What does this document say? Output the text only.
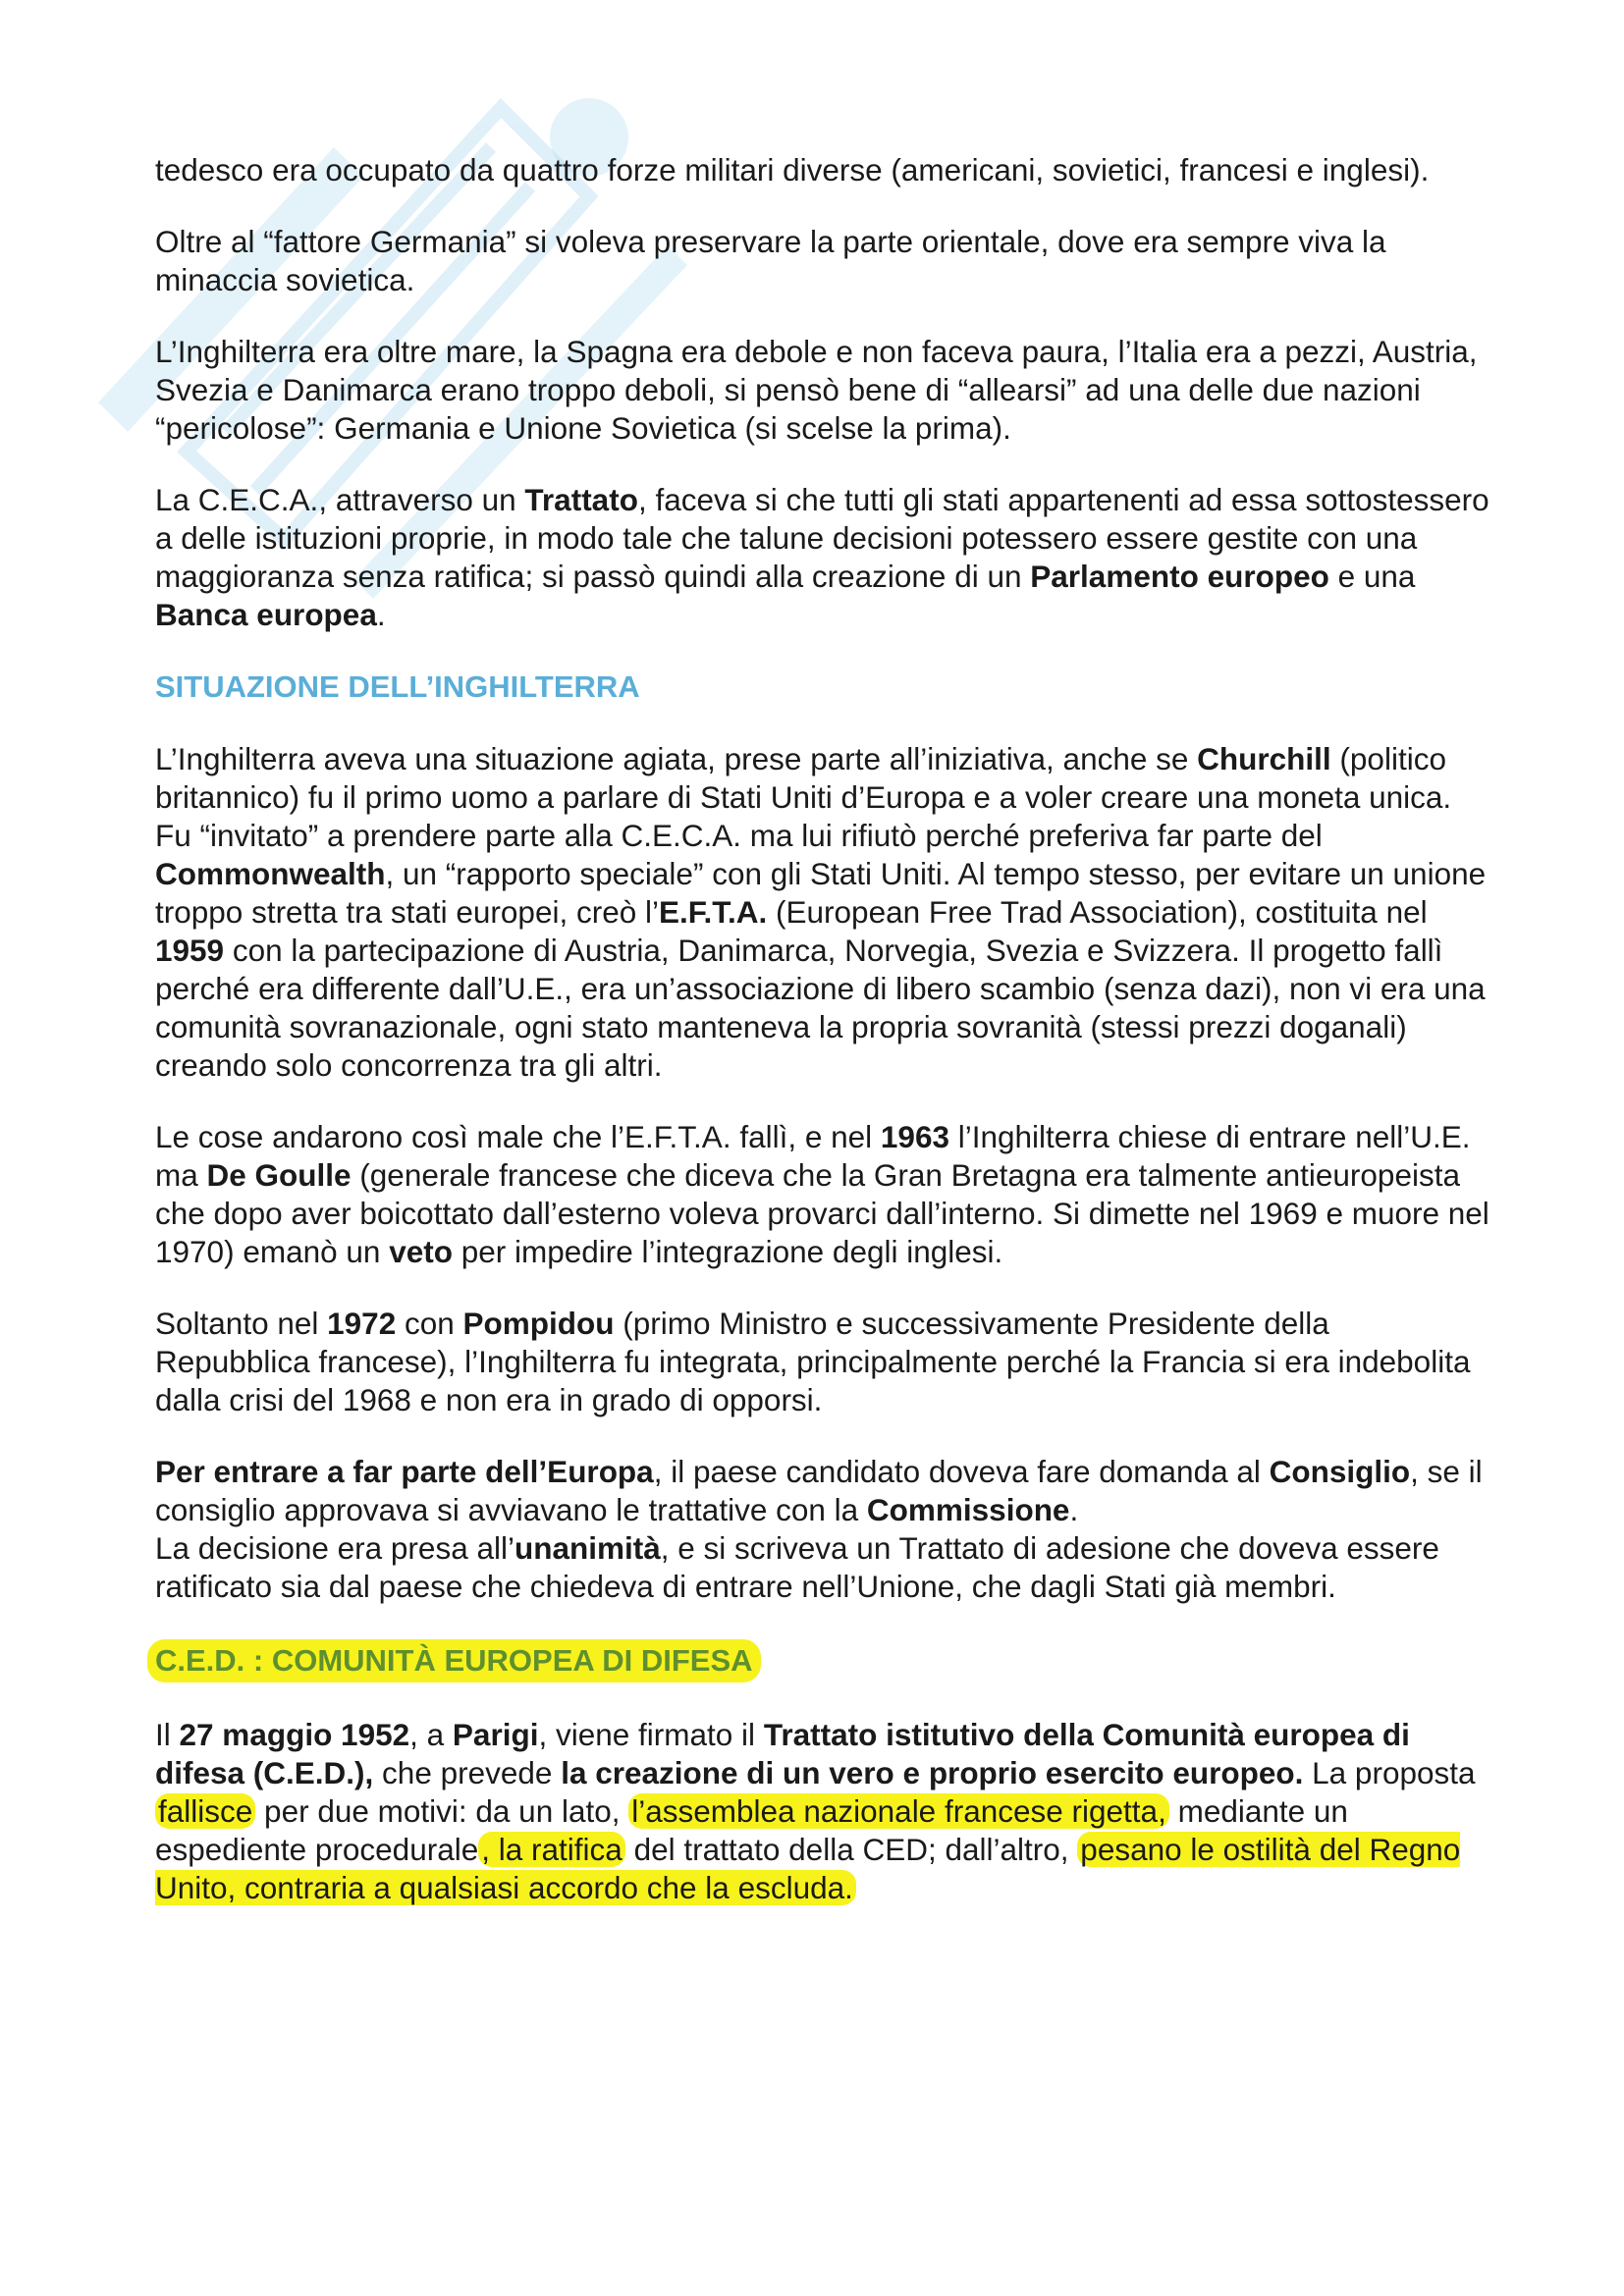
tedesco era occupato da quattro forze militari diverse (americani, sovietici, francesi e inglesi).

Oltre al “fattore Germania” si voleva preservare la parte orientale, dove era sempre viva la minaccia sovietica.

L’Inghilterra era oltre mare, la Spagna era debole e non faceva paura, l’Italia era a pezzi, Austria, Svezia e Danimarca erano troppo deboli, si pensò bene di “allearsi” ad una delle due nazioni “pericolose”: Germania e Unione Sovietica (si scelse la prima).

La C.E.C.A., attraverso un Trattato, faceva si che tutti gli stati appartenenti ad essa sottostessero a delle istituzioni proprie, in modo tale che talune decisioni potessero essere gestite con una maggioranza senza ratifica; si passò quindi alla creazione di un Parlamento europeo e una Banca europea.

SITUAZIONE DELL’INGHILTERRA

L’Inghilterra aveva una situazione agiata, prese parte all’iniziativa, anche se Churchill (politico britannico) fu il primo uomo a parlare di Stati Uniti d’Europa e a voler creare una moneta unica.

Fu “invitato” a prendere parte alla C.E.C.A. ma lui rifiutò perché preferiva far parte del Commonwealth, un “rapporto speciale” con gli Stati Uniti. Al tempo stesso, per evitare un unione troppo stretta tra stati europei, creò l’E.F.T.A. (European Free Trad Association), costituita nel 1959 con la partecipazione di Austria, Danimarca, Norvegia, Svezia e Svizzera. Il progetto fallì perché era differente dall’U.E., era un’associazione di libero scambio (senza dazi), non vi era una comunità sovranazionale, ogni stato manteneva la propria sovranità (stessi prezzi doganali) creando solo concorrenza tra gli altri.

Le cose andarono così male che l’E.F.T.A. fallì, e nel 1963 l’Inghilterra chiese di entrare nell’U.E. ma De Goulle (generale francese che diceva che la Gran Bretagna era talmente antieuropeista che dopo aver boicottato dall’esterno voleva provarci dall’interno. Si dimette nel 1969 e muore nel 1970) emanò un veto per impedire l’integrazione degli inglesi.

Soltanto nel 1972 con Pompidou (primo Ministro e successivamente Presidente della Repubblica francese), l’Inghilterra fu integrata, principalmente perché la Francia si era indebolita dalla crisi del 1968 e non era in grado di opporsi.

Per entrare a far parte dell’Europa, il paese candidato doveva fare domanda al Consiglio, se il consiglio approvava si avviavano le trattative con la Commissione.

La decisione era presa all’unanimità, e si scriveva un Trattato di adesione che doveva essere ratificato sia dal paese che chiedeva di entrare nell’Unione, che dagli Stati già membri.

C.E.D. : COMUNITÀ EUROPEA DI DIFESA

Il 27 maggio 1952, a Parigi, viene firmato il Trattato istitutivo della Comunità europea di difesa (C.E.D.), che prevede la creazione di un vero e proprio esercito europeo. La proposta fallisce per due motivi: da un lato, l’assemblea nazionale francese rigetta, mediante un espediente procedurale, la ratifica del trattato della CED; dall’altro, pesano le ostilità del Regno Unito, contraria a qualsiasi accordo che la escluda.
